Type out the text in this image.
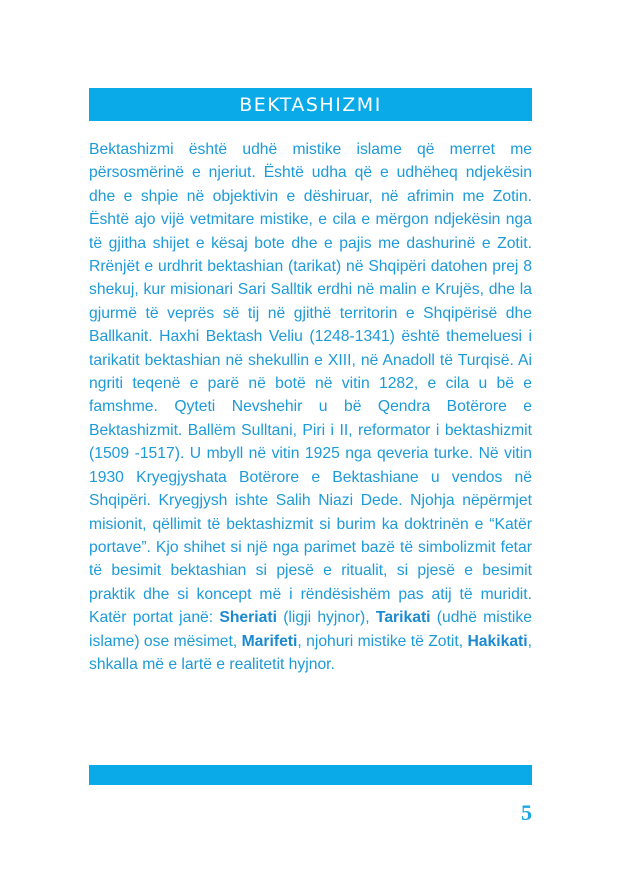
BEKTASHIZMI

Bektashizmi është udhë mistike islame që merret me përsosmërinë e njeriut. Është udha që e udhëheq ndjekësin dhe e shpie në objektivin e dëshiruar, në afrimin me Zotin. Është ajo vijë vetmitare mistike, e cila e mërgon ndjekësin nga të gjitha shijet e kësaj bote dhe e pajis me dashurinë e Zotit. Rrënjët e urdhrit bektashian (tarikat) në Shqipëri datohen prej 8 shekuj, kur misionari Sari Salltik erdhi në malin e Krujës, dhe la gjurmë të veprës së tij në gjithë territorin e Shqipërisë dhe Ballkanit. Haxhi Bektash Veliu (1248-1341) është themeluesi i tarikatit bektashian në shekullin e XIII, në Anadoll të Turqisë. Ai ngriti teqenë e parë në botë në vitin 1282, e cila u bë e famshme. Qyteti Nevshehir u bë Qendra Botërore e Bektashizmit. Ballëm Sulltani, Piri i II, reformator i bektashizmit (1509 -1517). U mbyll në vitin 1925 nga qeveria turke. Në vitin 1930 Kryegjyshata Botërore e Bektashiane u vendos në Shqipëri. Kryegjysh ishte Salih Niazi Dede. Njohja nëpërmjet misionit, qëllimit të bektashizmit si burim ka doktrinën e “Katër portave”. Kjo shihet si një nga parimet bazë të simbolizmit fetar të besimit bektashian si pjesë e ritualit, si pjesë e besimit praktik dhe si koncept më i rëndësishëm pas atij të muridit. Katër portat janë: Sheriati (ligji hyjnor), Tarikati (udhë mistike islame) ose mësimet, Marifeti, njohuri mistike të Zotit, Hakikati, shkalla më e lartë e realitetit hyjnor.

5
